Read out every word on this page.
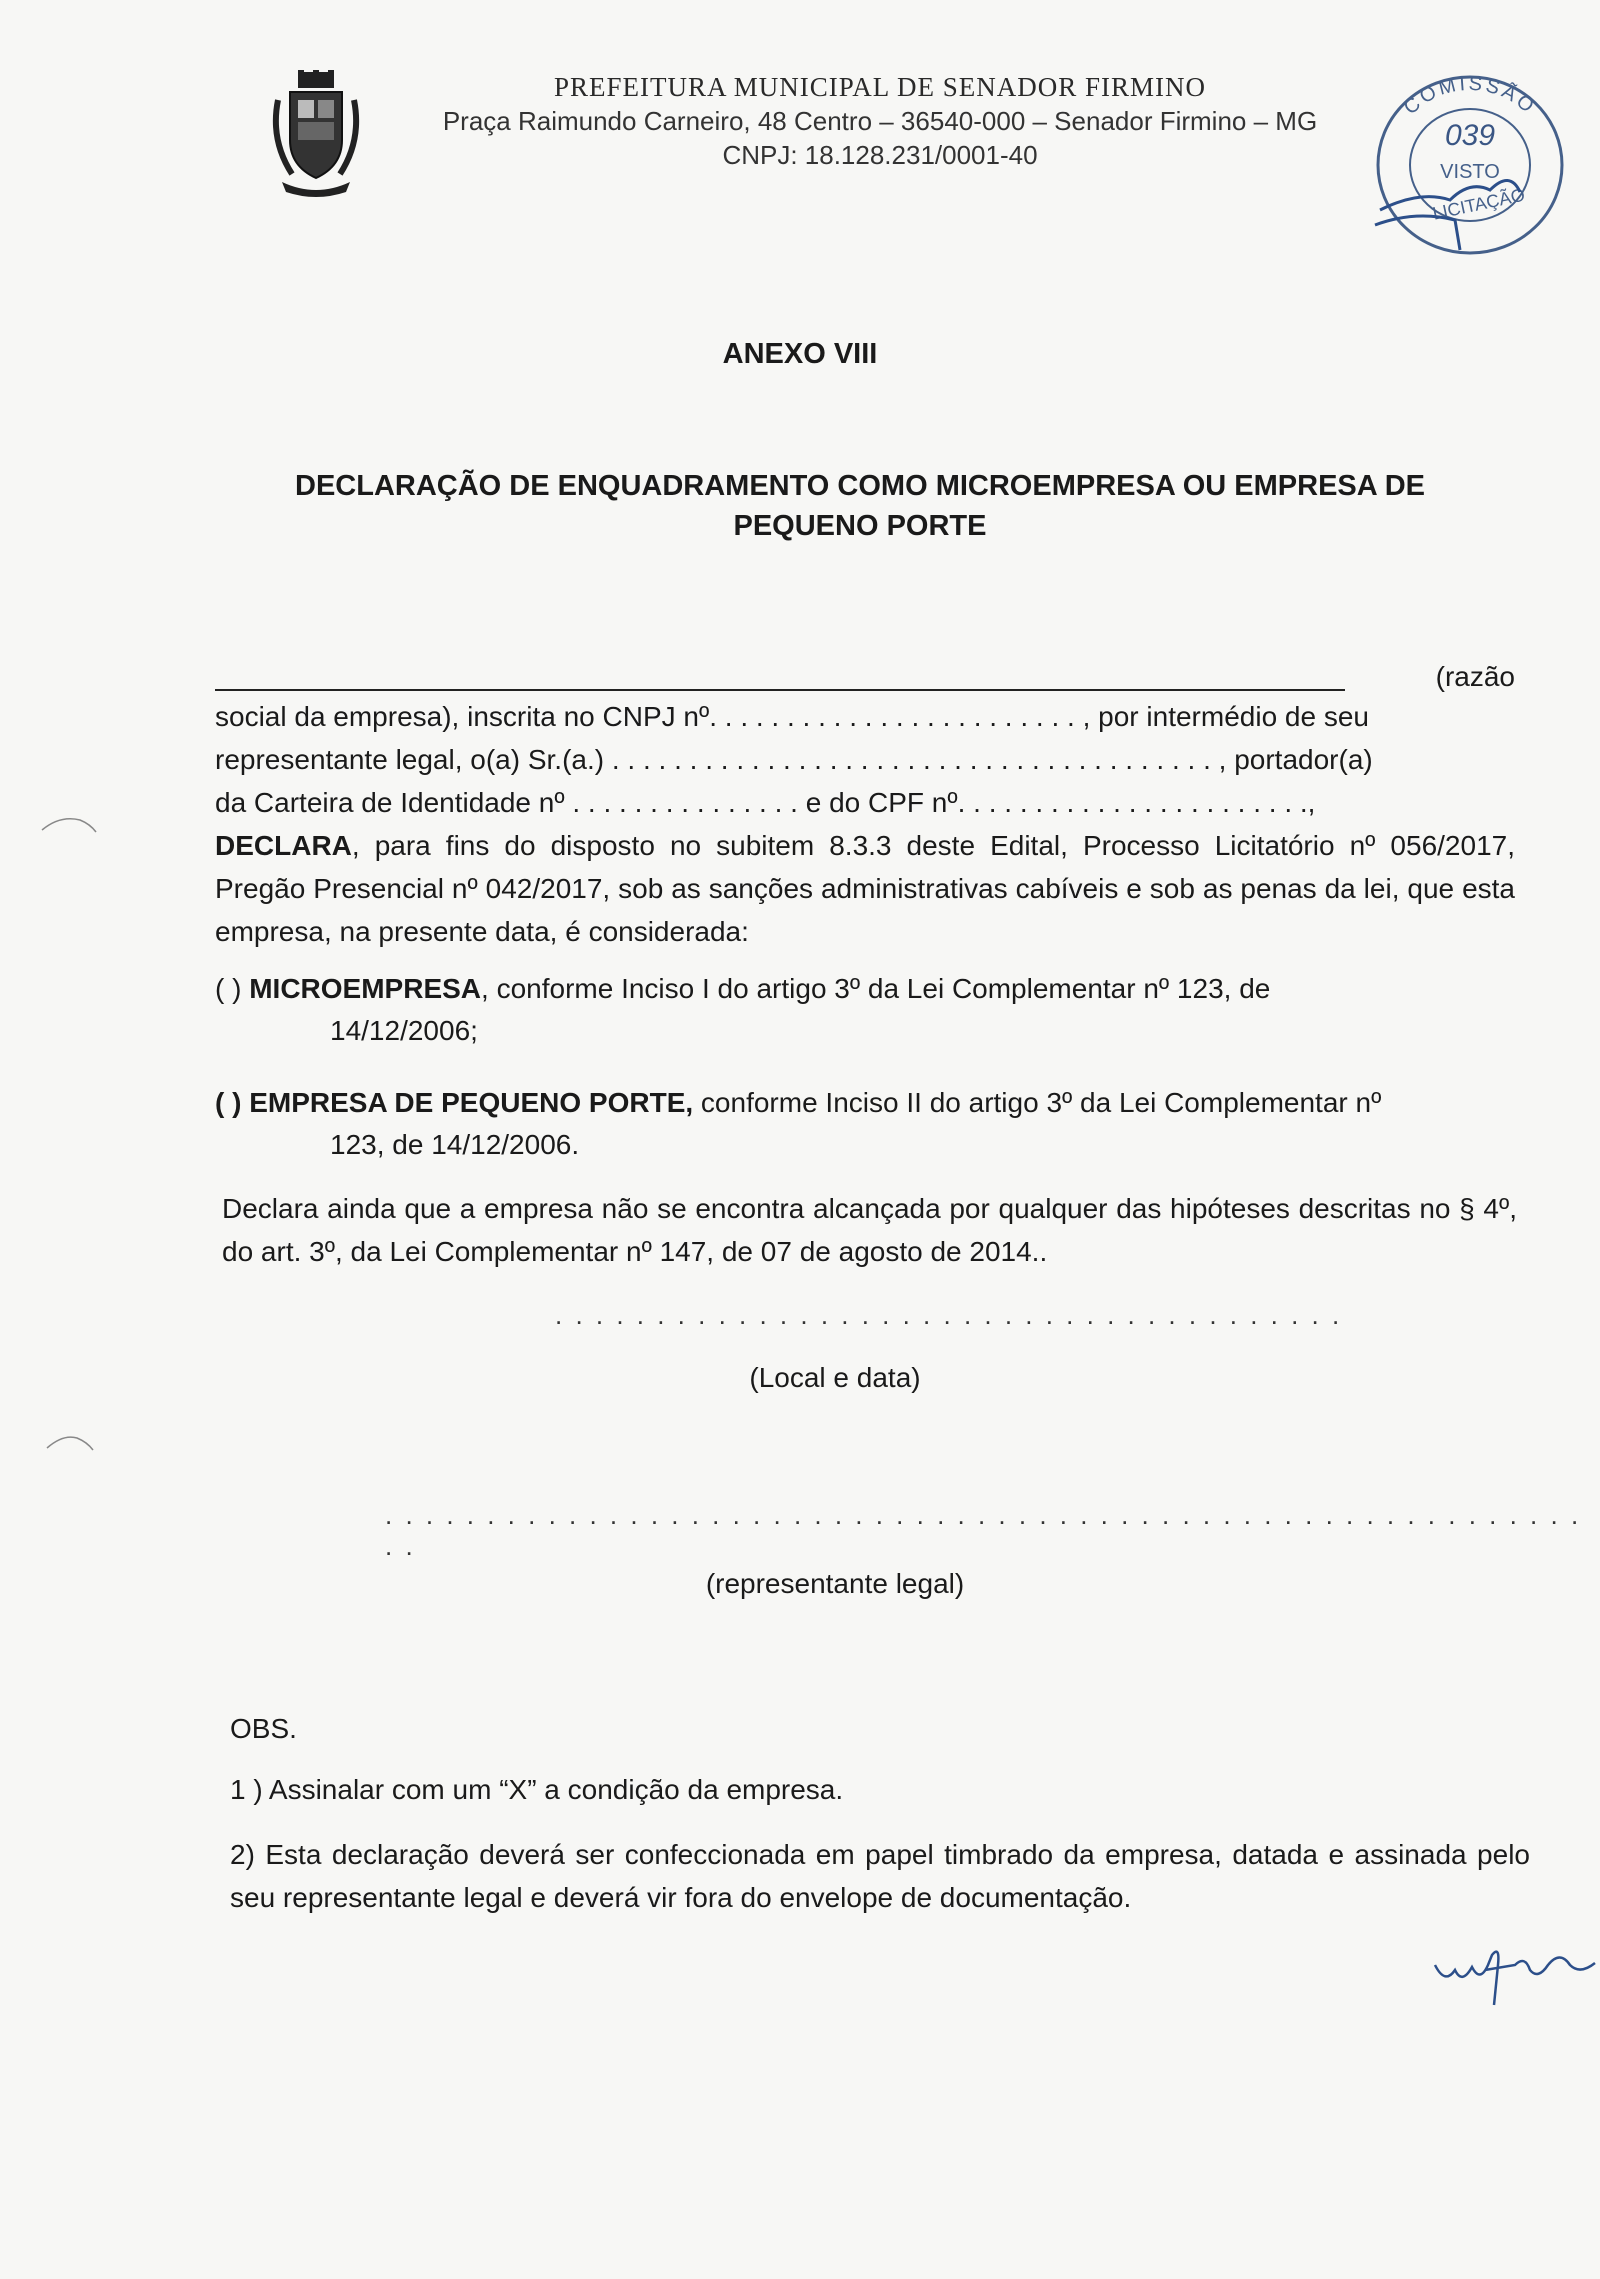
PREFEITURA MUNICIPAL DE SENADOR FIRMINO
Praça Raimundo Carneiro, 48 Centro – 36540-000 – Senador Firmino – MG
CNPJ: 18.128.231/0001-40
COMISSÃO
039
VISTO
LICITAÇÃO
ANEXO VIII
DECLARAÇÃO DE ENQUADRAMENTO COMO MICROEMPRESA OU EMPRESA DE
PEQUENO PORTE
(razão
social da empresa), inscrita no CNPJ nº. . . . . . . . . . . . . . . . . . . . . . . . , por intermédio de seu
representante legal, o(a) Sr.(a.) . . . . . . . . . . . . . . . . . . . . . . . . . . . . . . . . . . . . . . . , portador(a)
da Carteira de Identidade nº . . . . . . . . . . . . . . . e do CPF nº. . . . . . . . . . . . . . . . . . . . . . .,

DECLARA, para fins do disposto no subitem 8.3.3 deste Edital, Processo Licitatório nº 056/2017, Pregão Presencial nº 042/2017, sob as sanções administrativas cabíveis e sob as penas da lei, que esta empresa, na presente data, é considerada:

( ) MICROEMPRESA, conforme Inciso I do artigo 3º da Lei Complementar nº 123, de
14/12/2006;
( ) EMPRESA DE PEQUENO PORTE, conforme Inciso II do artigo 3º da Lei Complementar nº
123, de 14/12/2006.
Declara ainda que a empresa não se encontra alcançada por qualquer das hipóteses descritas no § 4º, do art. 3º, da Lei Complementar nº 147, de 07 de agosto de 2014..
. . . . . . . . . . . . . . . . . . . . . . . . . . . . . . . . . . . . . . .
(Local e data)
. . . . . . . . . . . . . . . . . . . . . . . . . . . . . . . . . . . . . . . . . . . . . . . . . . . . . . . . . . . . .
(representante legal)
OBS.
1 ) Assinalar com um “X” a condição da empresa.
2) Esta declaração deverá ser confeccionada em papel timbrado da empresa, datada e assinada pelo seu representante legal e deverá vir fora do envelope de documentação.
